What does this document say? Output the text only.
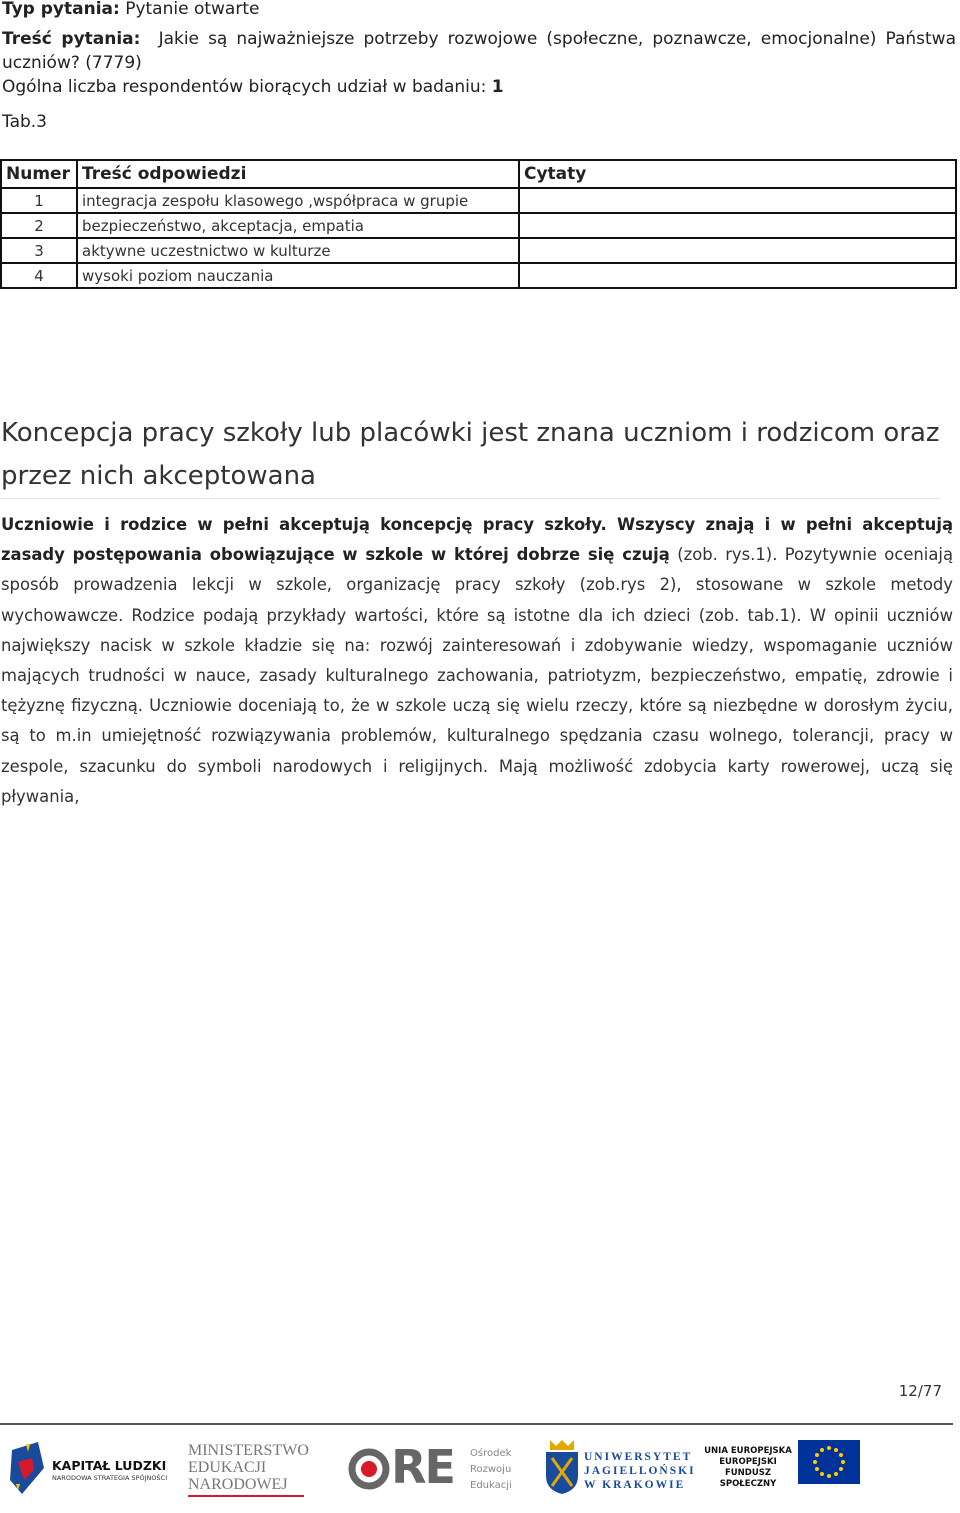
Typ pytania: Pytanie otwarte
Treść pytania: Jakie są najważniejsze potrzeby rozwojowe (społeczne, poznawcze, emocjonalne) Państwa uczniów? (7779)
Ogólna liczba respondentów biorących udział w badaniu: 1
Tab.3
Numer	Treść odpowiedzi	Cytaty
1	integracja zespołu klasowego ,współpraca w grupie	
2	bezpieczeństwo, akceptacja, empatia	
3	aktywne uczestnictwo w kulturze	
4	wysoki poziom nauczania	
Koncepcja pracy szkoły lub placówki jest znana uczniom i rodzicom oraz przez nich akceptowana
Uczniowie i rodzice w pełni akceptują koncepcję pracy szkoły. Wszyscy znają i w pełni akceptują zasady postępowania obowiązujące w szkole w której dobrze się czują (zob. rys.1). Pozytywnie oceniają sposób prowadzenia lekcji w szkole, organizację pracy szkoły (zob.rys 2), stosowane w szkole metody wychowawcze. Rodzice podają przykłady wartości, które są istotne dla ich dzieci (zob. tab.1). W opinii uczniów największy nacisk w szkole kładzie się na: rozwój zainteresowań i zdobywanie wiedzy, wspomaganie uczniów mających trudności w nauce, zasady kulturalnego zachowania, patriotyzm, bezpieczeństwo, empatię, zdrowie i tężyznę fizyczną. Uczniowie doceniają to, że w szkole uczą się wielu rzeczy, które są niezbędne w dorosłym życiu, są to m.in umiejętność rozwiązywania problemów, kulturalnego spędzania czasu wolnego, tolerancji, pracy w zespole, szacunku do symboli narodowych i religijnych. Mają możliwość zdobycia karty rowerowej, uczą się pływania,
12/77
KAPITAŁ LUDZKI
NARODOWA STRATEGIA SPÓJNOŚCI
MINISTERSTWO
EDUKACJI
NARODOWEJ RE Ośrodek
Rozwoju
Edukacji
UNIWERSYTET
JAGIELLOŃSKI
W KRAKOWIE
UNIA EUROPEJSKA
EUROPEJSKI
FUNDUSZ SPOŁECZNY
